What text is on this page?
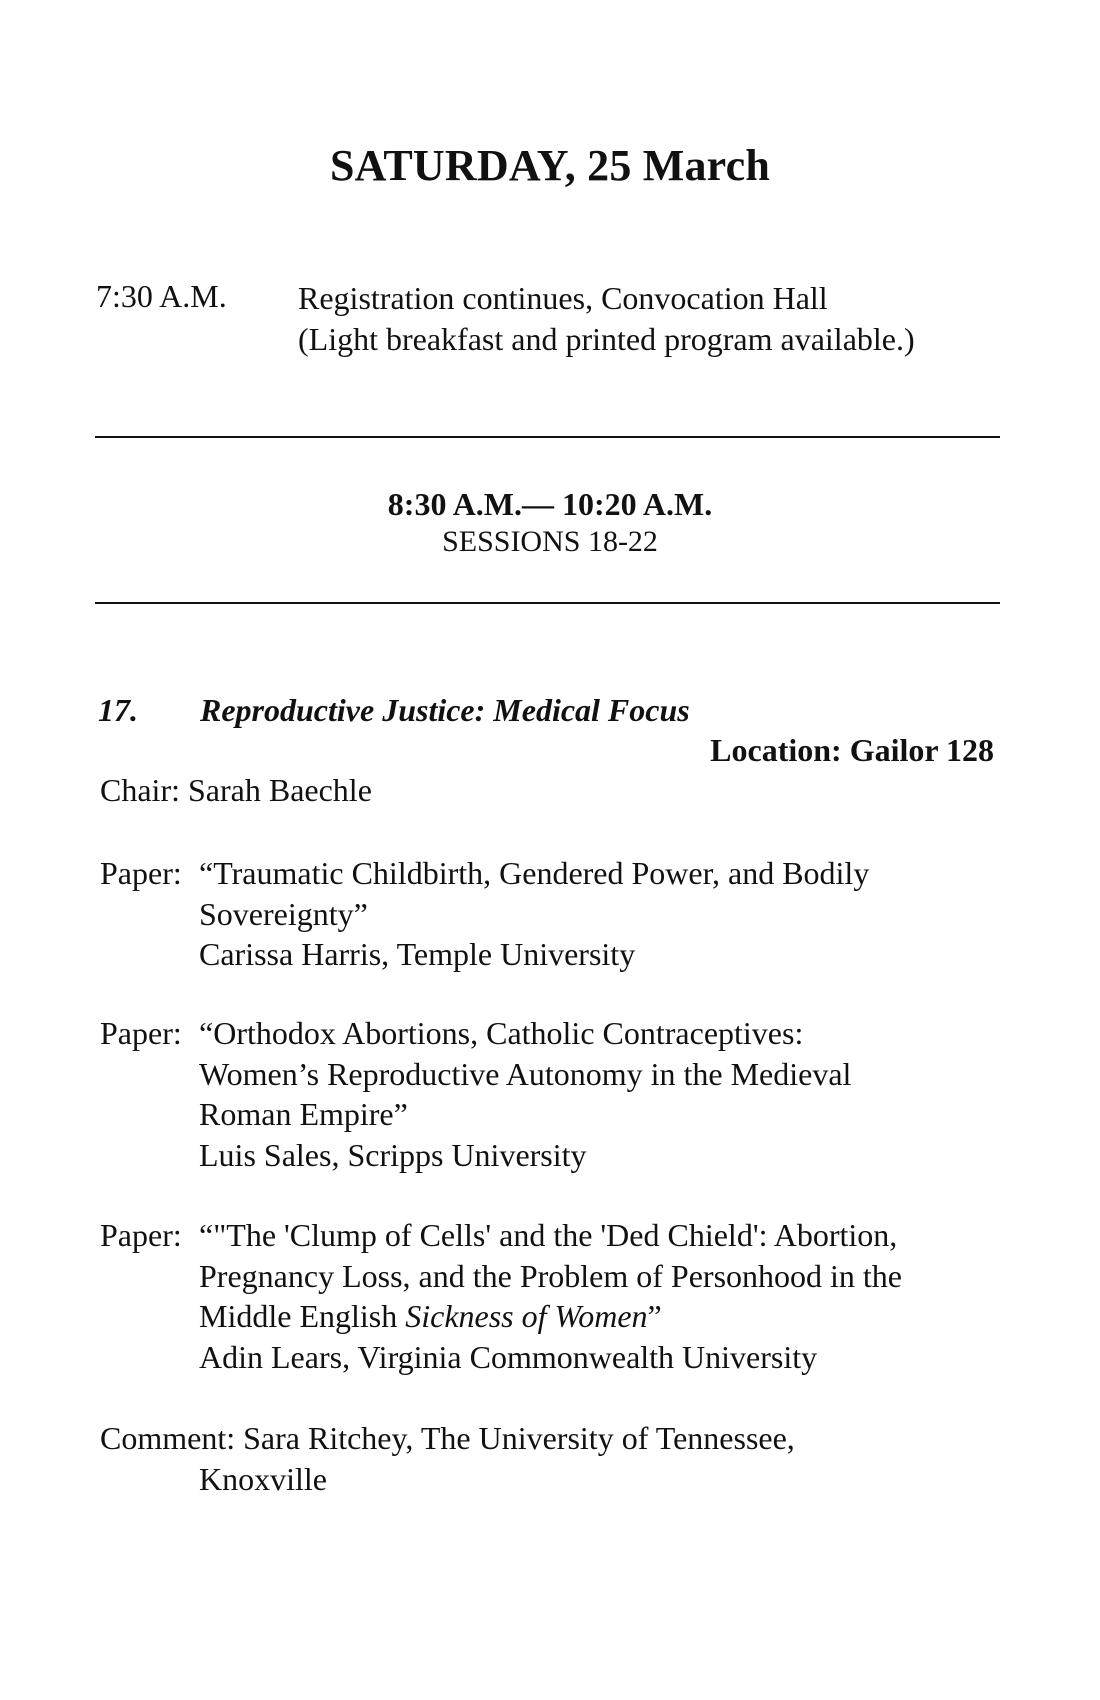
SATURDAY, 25 March
7:30 A.M. Registration continues, Convocation Hall
(Light breakfast and printed program available.)
8:30 A.M.— 10:20 A.M.
SESSIONS 18-22
17. Reproductive Justice: Medical Focus
Location: Gailor 128
Chair: Sarah Baechle
Paper: “Traumatic Childbirth, Gendered Power, and Bodily
Sovereignty”
Carissa Harris, Temple University
Paper: “Orthodox Abortions, Catholic Contraceptives:
Women’s Reproductive Autonomy in the Medieval
Roman Empire”
Luis Sales, Scripps University
Paper: “"The 'Clump of Cells' and the 'Ded Chield': Abortion,
Pregnancy Loss, and the Problem of Personhood in the
Middle English Sickness of Women”
Adin Lears, Virginia Commonwealth University
Comment: Sara Ritchey, The University of Tennessee,
Knoxville
